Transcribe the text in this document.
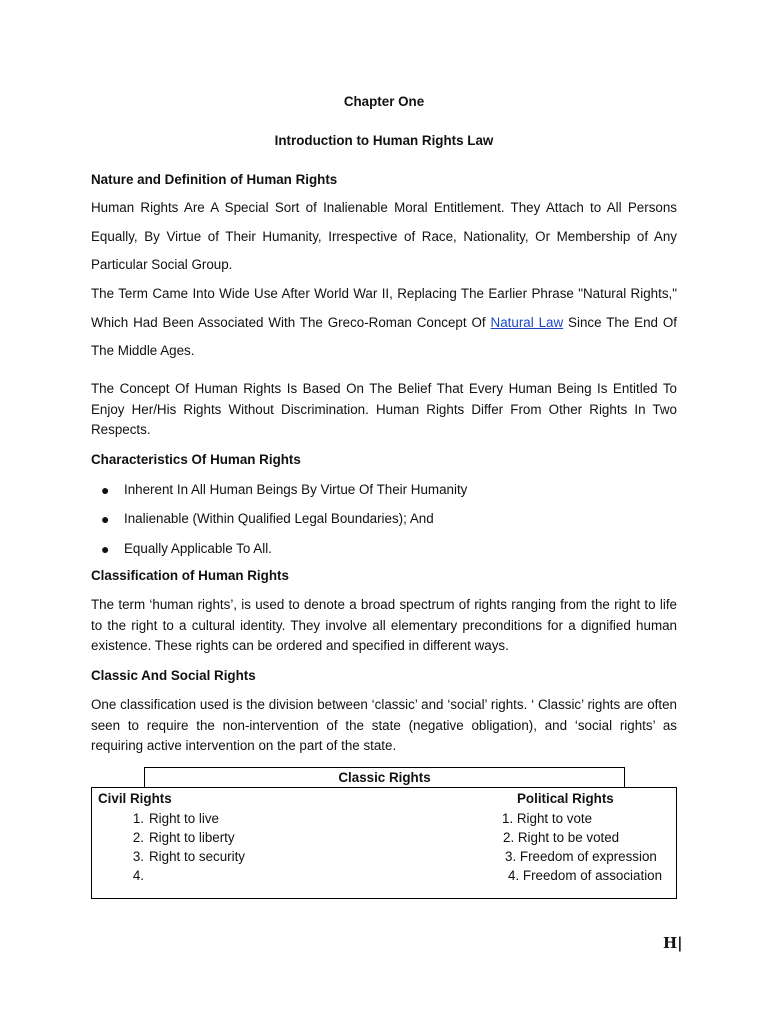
Chapter One
Introduction to Human Rights Law
Nature and Definition of Human Rights
Human Rights Are A Special Sort of Inalienable Moral Entitlement. They Attach to All Persons Equally, By Virtue of Their Humanity, Irrespective of Race, Nationality, Or Membership of Any Particular Social Group.
The Term Came Into Wide Use After World War II, Replacing The Earlier Phrase "Natural Rights," Which Had Been Associated With The Greco-Roman Concept Of Natural Law Since The End Of The Middle Ages.
The Concept Of Human Rights Is Based On The Belief That Every Human Being Is Entitled To Enjoy Her/His Rights Without Discrimination. Human Rights Differ From Other Rights In Two Respects.
Characteristics Of Human Rights
● Inherent In All Human Beings By Virtue Of Their Humanity
● Inalienable (Within Qualified Legal Boundaries); And
● Equally Applicable To All.
Classification of Human Rights
The term ‘human rights’, is used to denote a broad spectrum of rights ranging from the right to life to the right to a cultural identity. They involve all elementary preconditions for a dignified human existence. These rights can be ordered and specified in different ways.
Classic And Social Rights
One classification used is the division between ‘classic’ and ‘social’ rights. ‘ Classic’ rights are often seen to require the non-intervention of the state (negative obligation), and ‘social rights’ as requiring active intervention on the part of the state.
Classic Rights
Civil Rights
1. Right to live
2. Right to liberty
3. Right to security
4.
Political Rights
1. Right to vote
2. Right to be voted
3. Freedom of expression
4. Freedom of association
H|
